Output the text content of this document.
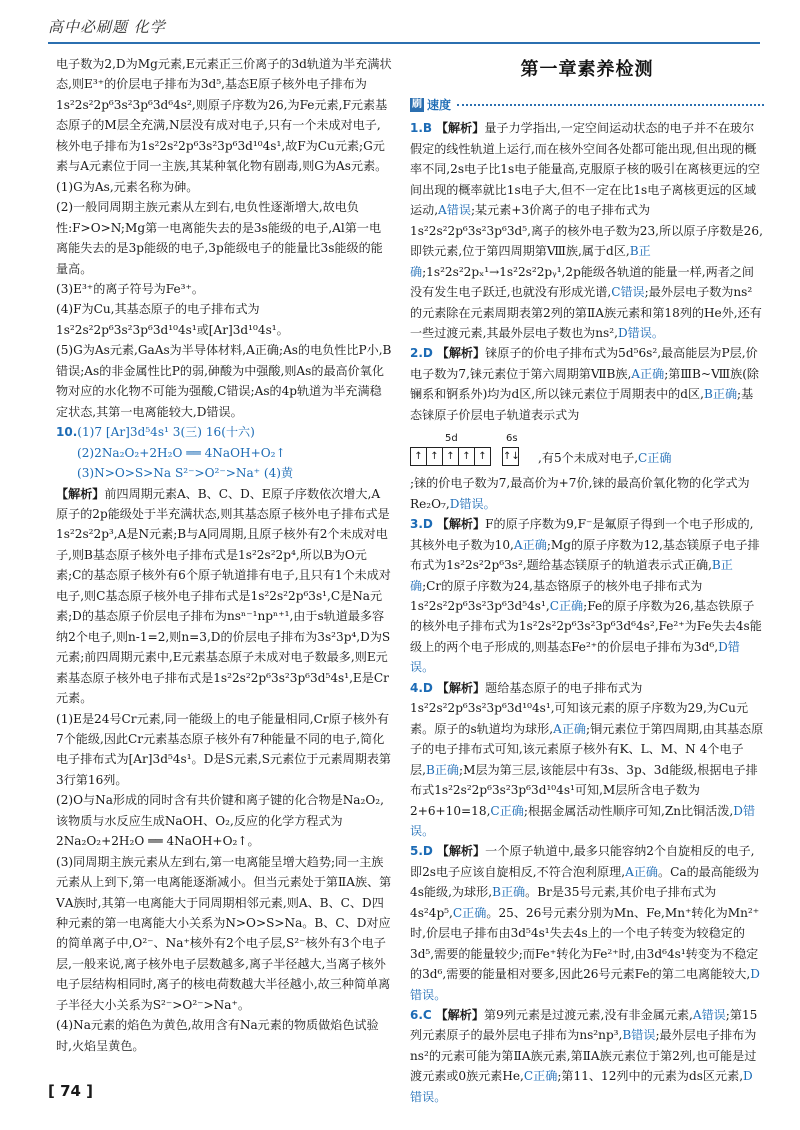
高中必刷题 化学

电子数为2,D为Mg元素,E元素正三价离子的3d轨道为半充满状态,则E³⁺的价层电子排布为3d⁵,基态E原子核外电子排布为1s²2s²2p⁶3s²3p⁶3d⁶4s²,则原子序数为26,为Fe元素,F元素基态原子的M层全充满,N层没有成对电子,只有一个未成对电子,核外电子排布为1s²2s²2p⁶3s²3p⁶3d¹⁰4s¹,故F为Cu元素;G元素与A元素位于同一主族,其某种氧化物有剧毒,则G为As元素。

(1)G为As,元素名称为砷。

(2)一般同周期主族元素从左到右,电负性逐渐增大,故电负性:F>O>N;Mg第一电离能失去的是3s能级的电子,Al第一电离能失去的是3p能级的电子,3p能级电子的能量比3s能级的能量高。

(3)E³⁺的离子符号为Fe³⁺。

(4)F为Cu,其基态原子的电子排布式为1s²2s²2p⁶3s²3p⁶3d¹⁰4s¹或[Ar]3d¹⁰4s¹。

(5)G为As元素,GaAs为半导体材料,A正确;As的电负性比P小,B错误;As的非金属性比P的弱,砷酸为中强酸,则As的最高价氧化物对应的水化物不可能为强酸,C错误;As的4p轨道为半充满稳定状态,其第一电离能较大,D错误。

10.(1)7 [Ar]3d⁵4s¹ 3(三) 16(十六)

(2)2Na₂O₂+2H₂O ══ 4NaOH+O₂↑

(3)N>O>S>Na S²⁻>O²⁻>Na⁺ (4)黄

【解析】前四周期元素A、B、C、D、E原子序数依次增大,A原子的2p能级处于半充满状态,则其基态原子核外电子排布式是1s²2s²2p³,A是N元素;B与A同周期,且原子核外有2个未成对电子,则B基态原子核外电子排布式是1s²2s²2p⁴,所以B为O元素;C的基态原子核外有6个原子轨道排有电子,且只有1个未成对电子,则C基态原子核外电子排布式是1s²2s²2p⁶3s¹,C是Na元素;D的基态原子价层电子排布为nsⁿ⁻¹npⁿ⁺¹,由于s轨道最多容纳2个电子,则n-1=2,则n=3,D的价层电子排布为3s²3p⁴,D为S元素;前四周期元素中,E元素基态原子未成对电子数最多,则E元素基态原子核外电子排布式是1s²2s²2p⁶3s²3p⁶3d⁵4s¹,E是Cr元素。

(1)E是24号Cr元素,同一能级上的电子能量相同,Cr原子核外有7个能级,因此Cr元素基态原子核外有7种能量不同的电子,简化电子排布式为[Ar]3d⁵4s¹。D是S元素,S元素位于元素周期表第3行第16列。

(2)O与Na形成的同时含有共价键和离子键的化合物是Na₂O₂,该物质与水反应生成NaOH、O₂,反应的化学方程式为2Na₂O₂+2H₂O ══ 4NaOH+O₂↑。

(3)同周期主族元素从左到右,第一电离能呈增大趋势;同一主族元素从上到下,第一电离能逐渐减小。但当元素处于第ⅡA族、第ⅤA族时,其第一电离能大于同周期相邻元素,则A、B、C、D四种元素的第一电离能大小关系为N>O>S>Na。B、C、D对应的简单离子中,O²⁻、Na⁺核外有2个电子层,S²⁻核外有3个电子层,一般来说,离子核外电子层数越多,离子半径越大,当离子核外电子层结构相同时,离子的核电荷数越大半径越小,故三种简单离子半径大小关系为S²⁻>O²⁻>Na⁺。

(4)Na元素的焰色为黄色,故用含有Na元素的物质做焰色试验时,火焰呈黄色。

第一章素养检测

刷 速度

1.B 【解析】量子力学指出,一定空间运动状态的电子并不在玻尔假定的线性轨道上运行,而在核外空间各处都可能出现,但出现的概率不同,2s电子比1s电子能量高,克服原子核的吸引在离核更远的空间出现的概率就比1s电子大,但不一定在比1s电子离核更远的区域运动,A错误;某元素+3价离子的电子排布式为1s²2s²2p⁶3s²3p⁶3d⁵,离子的核外电子数为23,所以原子序数是26,即铁元素,位于第四周期第Ⅷ族,属于d区,B正确;1s²2s²2pₓ¹→1s²2s²2pᵧ¹,2p能级各轨道的能量一样,两者之间没有发生电子跃迁,也就没有形成光谱,C错误;最外层电子数为ns²的元素除在元素周期表第2列的第ⅡA族元素和第18列的He外,还有一些过渡元素,其最外层电子数也为ns²,D错误。

2.D 【解析】铼原子的价电子排布式为5d⁵6s²,最高能层为P层,价电子数为7,铼元素位于第六周期第ⅦB族,A正确;第ⅢB~Ⅷ族(除镧系和锕系外)均为d区,所以铼元素位于周期表中的d区,B正确;基态铼原子价层电子轨道表示式为

5d	6s
↑ ↑ ↑ ↑ ↑	↑↓ ,有5个未成对电子,C正确

;铼的价电子数为7,最高价为+7价,铼的最高价氧化物的化学式为Re₂O₇,D错误。

3.D 【解析】F的原子序数为9,F⁻是氟原子得到一个电子形成的,其核外电子数为10,A正确;Mg的原子序数为12,基态镁原子电子排布式为1s²2s²2p⁶3s²,题给基态镁原子的轨道表示式正确,B正确;Cr的原子序数为24,基态铬原子的核外电子排布式为1s²2s²2p⁶3s²3p⁶3d⁵4s¹,C正确;Fe的原子序数为26,基态铁原子的核外电子排布式为1s²2s²2p⁶3s²3p⁶3d⁶4s²,Fe²⁺为Fe失去4s能级上的两个电子形成的,则基态Fe²⁺的价层电子排布为3d⁶,D错误。

4.D 【解析】题给基态原子的电子排布式为1s²2s²2p⁶3s²3p⁶3d¹⁰4s¹,可知该元素的原子序数为29,为Cu元素。原子的s轨道均为球形,A正确;铜元素位于第四周期,由其基态原子的电子排布式可知,该元素原子核外有K、L、M、N 4个电子层,B正确;M层为第三层,该能层中有3s、3p、3d能级,根据电子排布式1s²2s²2p⁶3s²3p⁶3d¹⁰4s¹可知,M层所含电子数为2+6+10=18,C正确;根据金属活动性顺序可知,Zn比铜活泼,D错误。

5.D 【解析】一个原子轨道中,最多只能容纳2个自旋相反的电子,即2s电子应该自旋相反,不符合泡利原理,A正确。Ca的最高能级为4s能级,为球形,B正确。Br是35号元素,其价电子排布式为4s²4p⁵,C正确。25、26号元素分别为Mn、Fe,Mn⁺转化为Mn²⁺时,价层电子排布由3d⁵4s¹失去4s上的一个电子转变为较稳定的3d⁵,需要的能量较少;而Fe⁺转化为Fe²⁺时,由3d⁶4s¹转变为不稳定的3d⁶,需要的能量相对要多,因此26号元素Fe的第二电离能较大,D错误。

6.C 【解析】第9列元素是过渡元素,没有非金属元素,A错误;第15列元素原子的最外层电子排布为ns²np³,B错误;最外层电子排布为ns²的元素可能为第ⅡA族元素,第ⅡA族元素位于第2列,也可能是过渡元素或0族元素He,C正确;第11、12列中的元素为ds区元素,D错误。

[ 74 ]
